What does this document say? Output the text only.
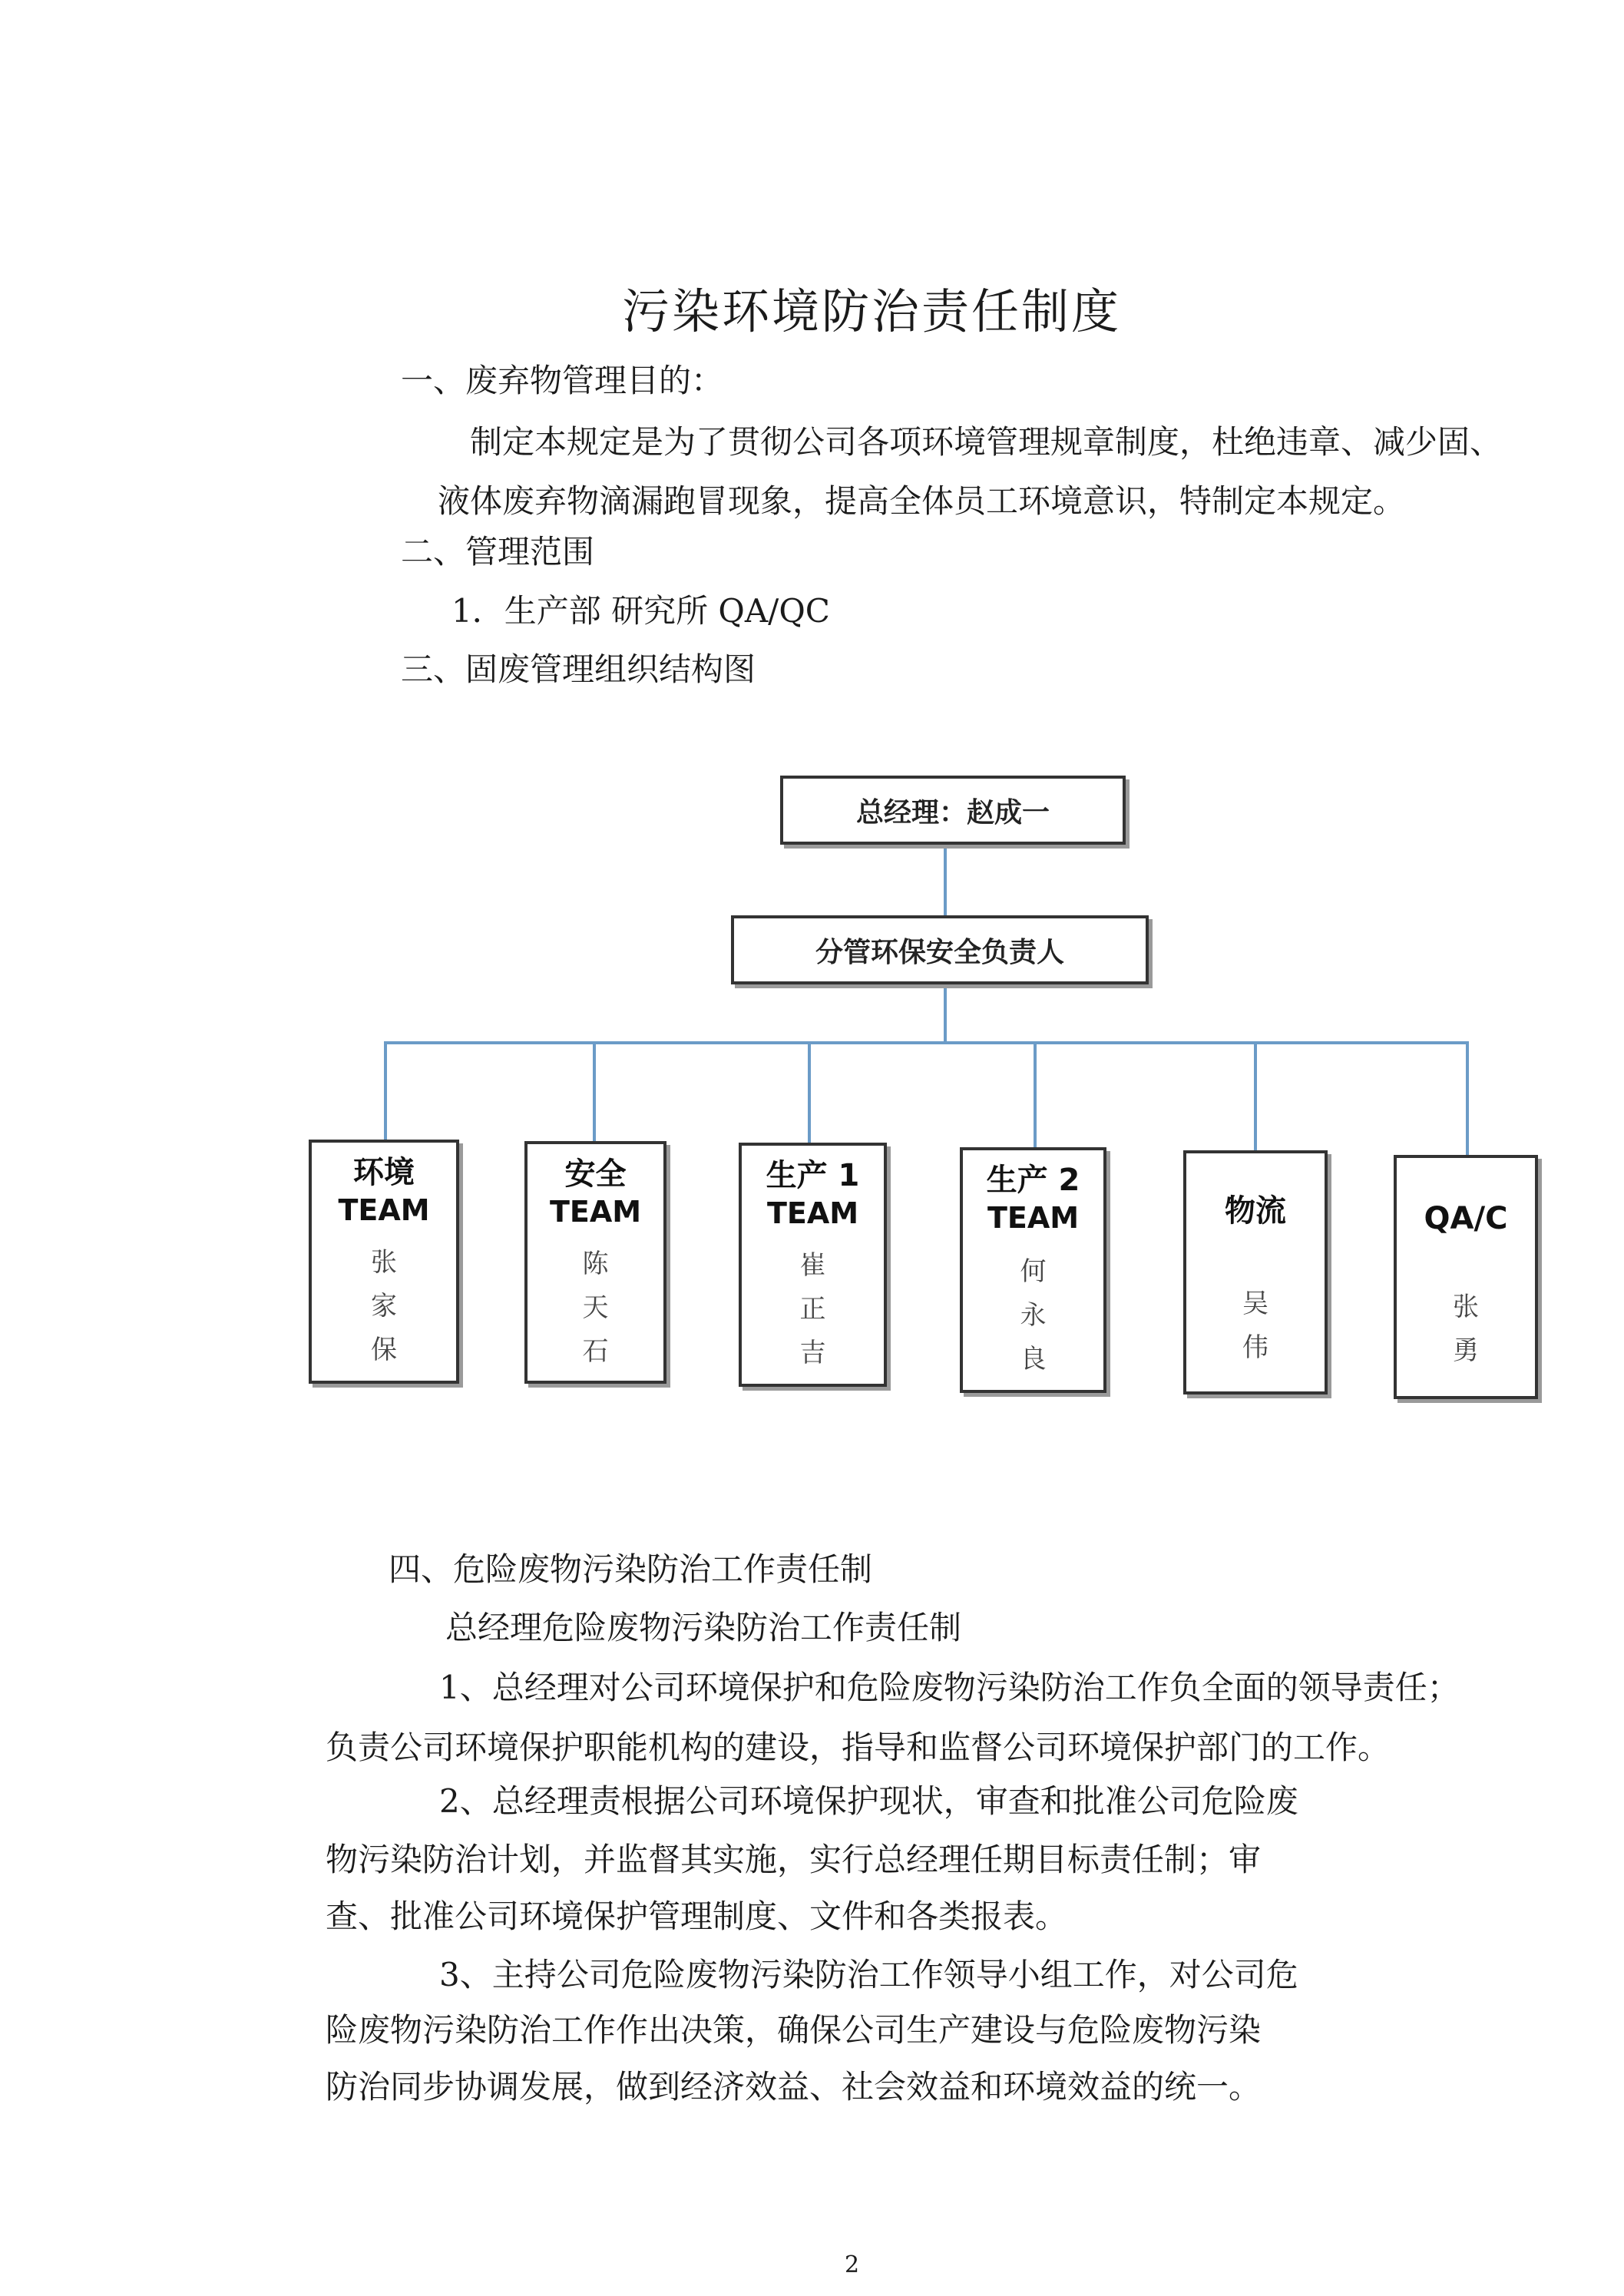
污染环境防治责任制度
一、废弃物管理目的：
制定本规定是为了贯彻公司各项环境管理规章制度，杜绝违章、减少固、
液体废弃物滴漏跑冒现象，提高全体员工环境意识，特制定本规定。
二、管理范围
1．生产部 研究所 QA/QC
三、固废管理组织结构图
总经理：赵成一
分管环保安全负责人
环境
TEAM
张家保
安全
TEAM
陈天石
生产 1
TEAM
崔正吉
生产 2
TEAM
何永良
物流
吴伟
QA/C
张勇
四、危险废物污染防治工作责任制
总经理危险废物污染防治工作责任制
1、总经理对公司环境保护和危险废物污染防治工作负全面的领导责任；
负责公司环境保护职能机构的建设，指导和监督公司环境保护部门的工作。
2、总经理责根据公司环境保护现状，审查和批准公司危险废
物污染防治计划，并监督其实施，实行总经理任期目标责任制；审
查、批准公司环境保护管理制度、文件和各类报表。
3、主持公司危险废物污染防治工作领导小组工作，对公司危
险废物污染防治工作作出决策，确保公司生产建设与危险废物污染
防治同步协调发展，做到经济效益、社会效益和环境效益的统一。
2
